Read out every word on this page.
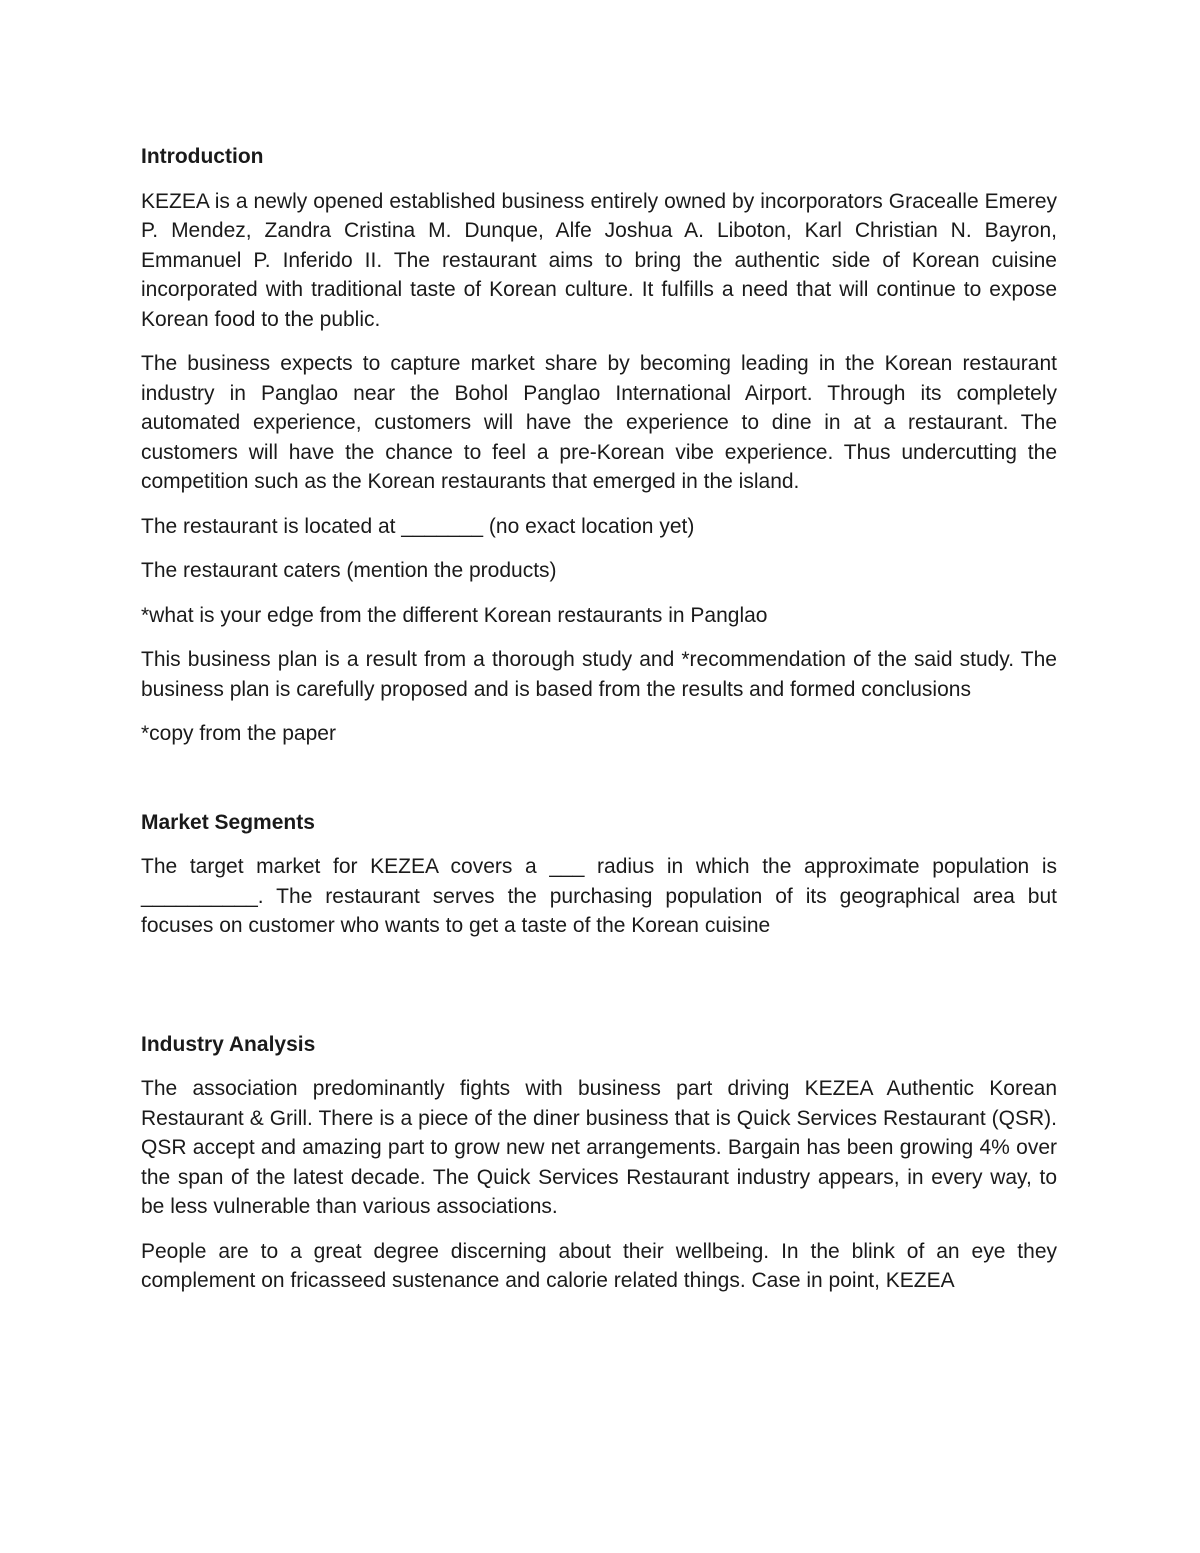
Introduction

KEZEA is a newly opened established business entirely owned by incorporators Gracealle Emerey P. Mendez, Zandra Cristina M. Dunque, Alfe Joshua A. Liboton, Karl Christian N. Bayron, Emmanuel P. Inferido II. The restaurant aims to bring the authentic side of Korean cuisine incorporated with traditional taste of Korean culture. It fulfills a need that will continue to expose Korean food to the public.

The business expects to capture market share by becoming leading in the Korean restaurant industry in Panglao near the Bohol Panglao International Airport. Through its completely automated experience, customers will have the experience to dine in at a restaurant. The customers will have the chance to feel a pre-Korean vibe experience. Thus undercutting the competition such as the Korean restaurants that emerged in the island.

The restaurant is located at _______ (no exact location yet)

The restaurant caters (mention the products)

*what is your edge from the different Korean restaurants in Panglao

This business plan is a result from a thorough study and *recommendation of the said study. The business plan is carefully proposed and is based from the results and formed conclusions

*copy from the paper

Market Segments

The target market for KEZEA covers a ___ radius in which the approximate population is __________. The restaurant serves the purchasing population of its geographical area but focuses on customer who wants to get a taste of the Korean cuisine

Industry Analysis

The association predominantly fights with business part driving KEZEA Authentic Korean Restaurant & Grill. There is a piece of the diner business that is Quick Services Restaurant (QSR). QSR accept and amazing part to grow new net arrangements. Bargain has been growing 4% over the span of the latest decade. The Quick Services Restaurant industry appears, in every way, to be less vulnerable than various associations.

People are to a great degree discerning about their wellbeing. In the blink of an eye they complement on fricasseed sustenance and calorie related things. Case in point, KEZEA
